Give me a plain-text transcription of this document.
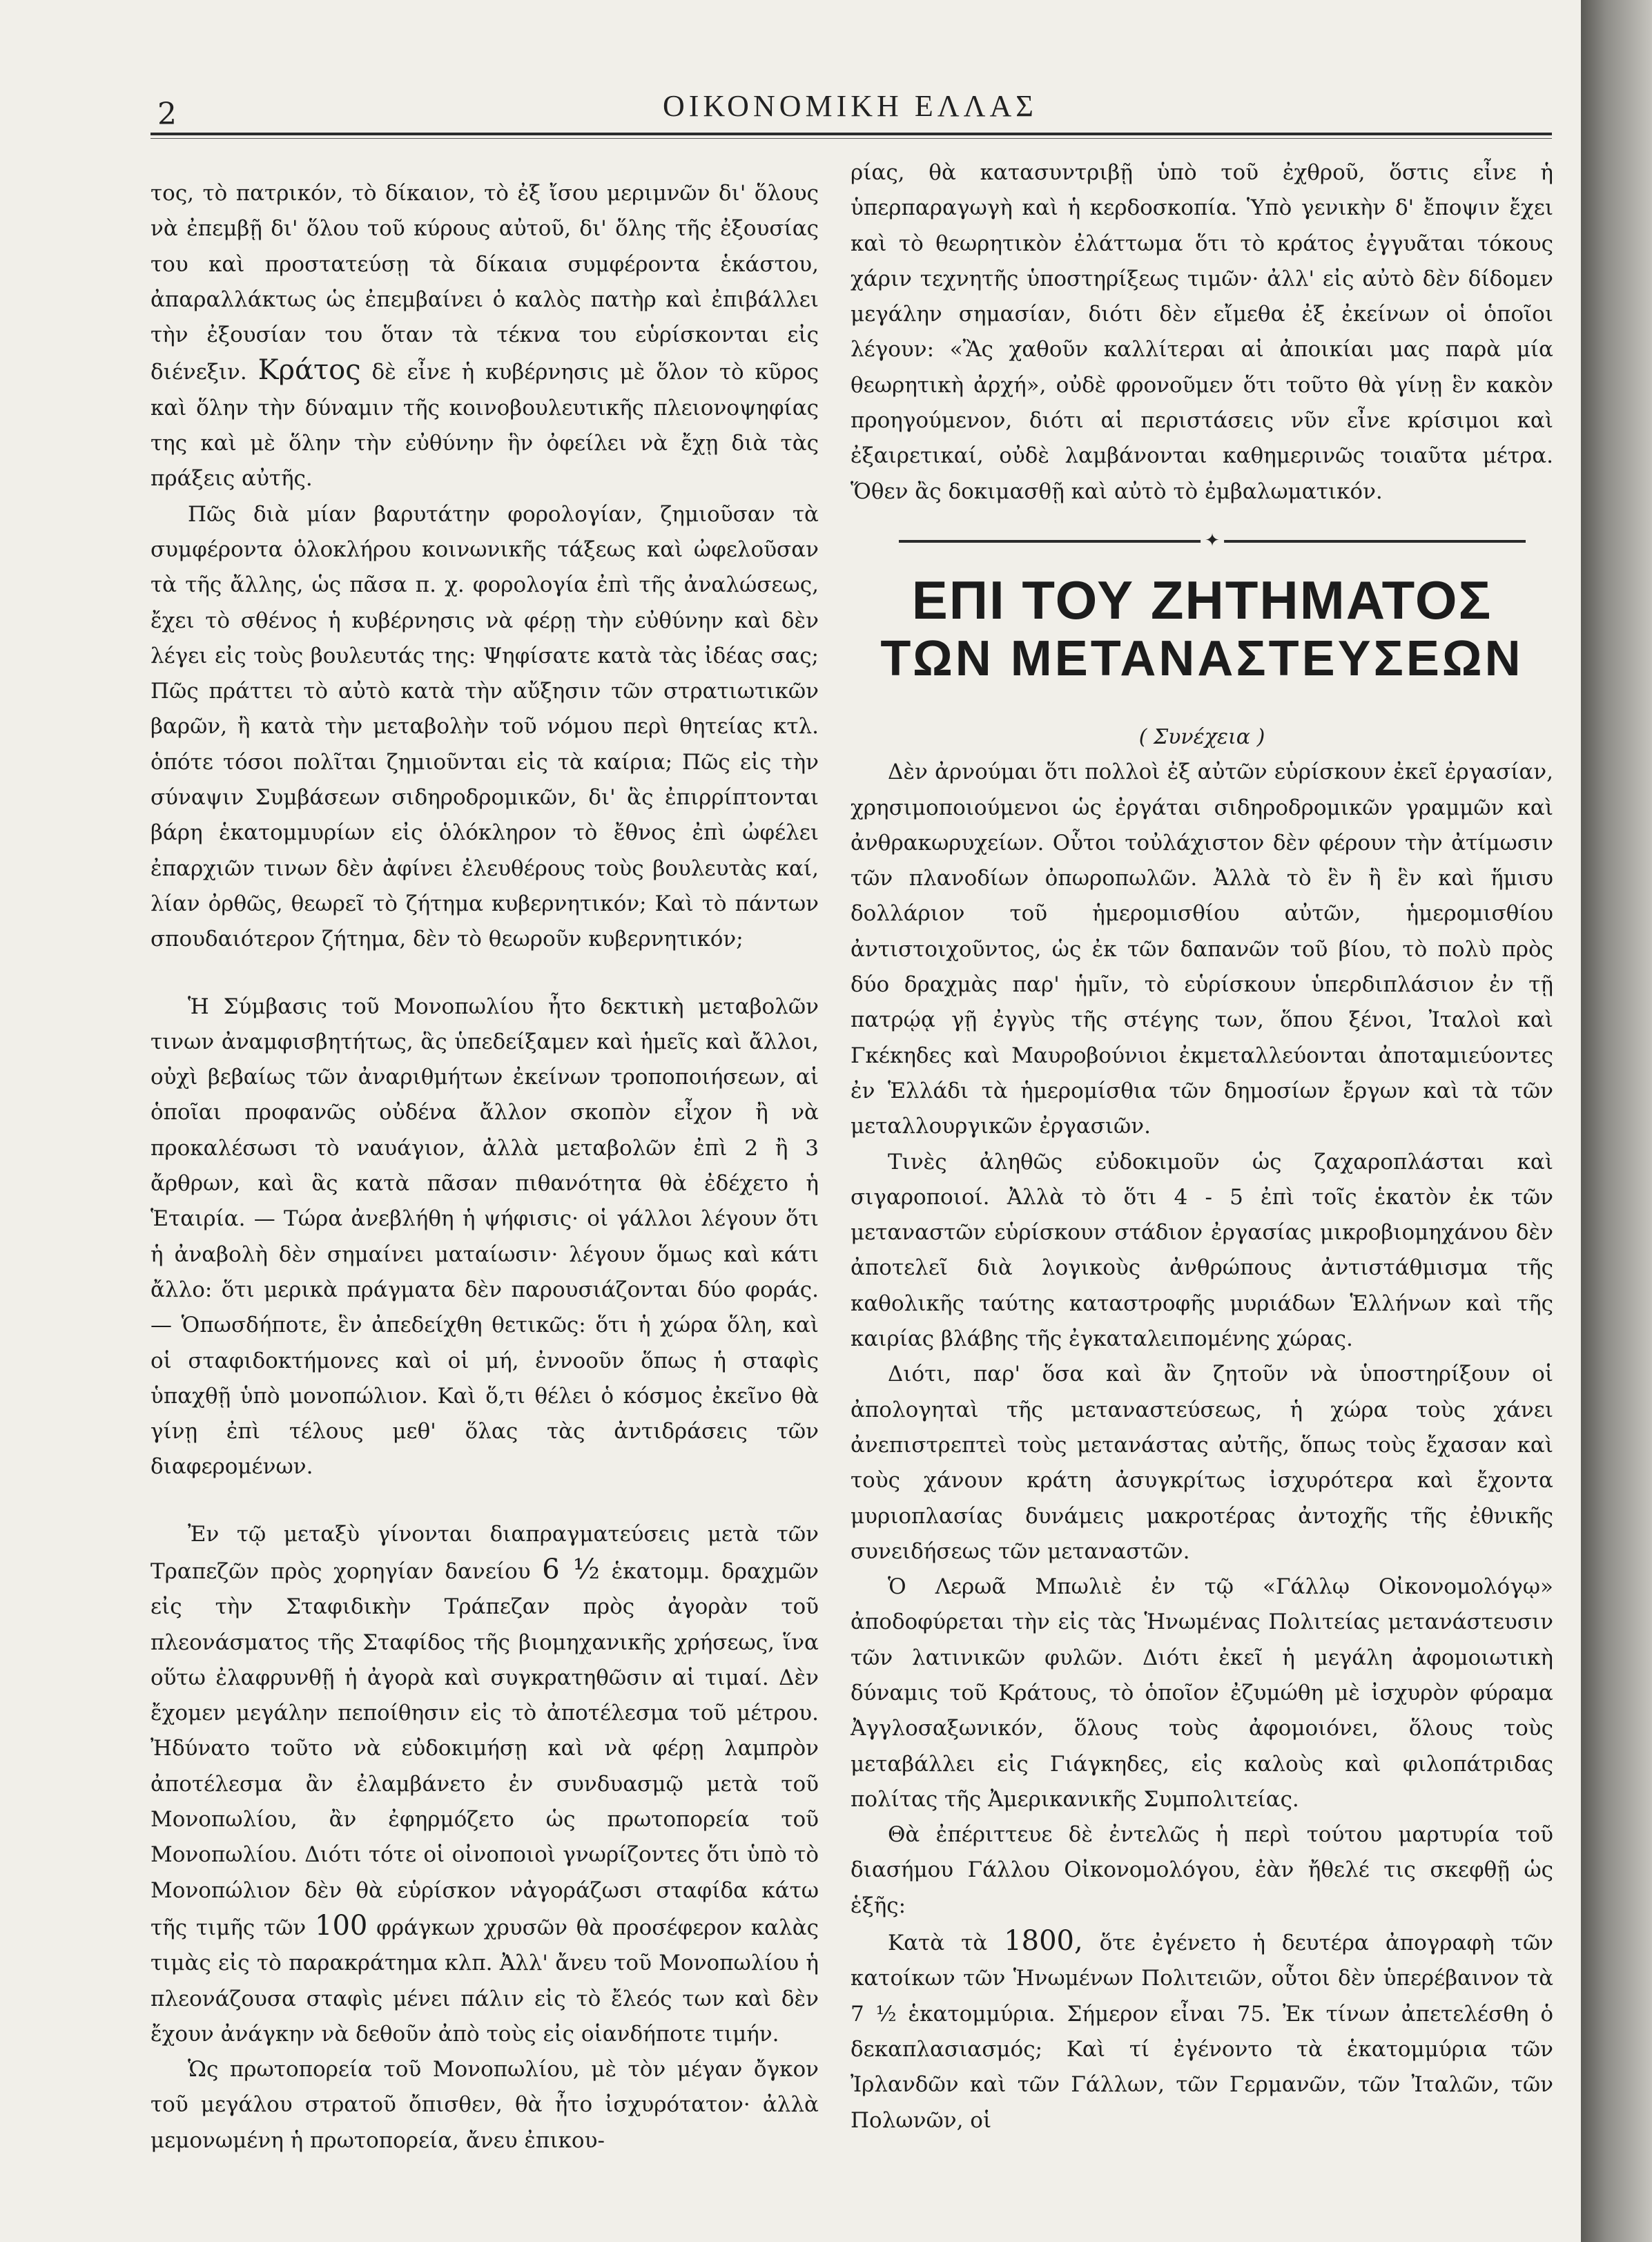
2	ΟΙΚΟΝΟΜΙΚΗ ΕΛΛΑΣ

τος, τὸ πατρικόν, τὸ δίκαιον, τὸ ἐξ ἴσου μεριμνῶν δι' ὅλους νὰ ἐπεμβῇ δι' ὅλου τοῦ κύρους αὐτοῦ, δι' ὅλης τῆς ἐξουσίας του καὶ προστατεύσῃ τὰ δίκαια συμφέροντα ἑκάστου, ἀπαραλλάκτως ὡς ἐπεμβαίνει ὁ καλὸς πατὴρ καὶ ἐπιβάλλει τὴν ἐξουσίαν του ὅταν τὰ τέκνα του εὑρίσκονται εἰς διένεξιν. Κράτος δὲ εἶνε ἡ κυβέρνησις μὲ ὅλον τὸ κῦρος καὶ ὅλην τὴν δύναμιν τῆς κοινοβουλευτικῆς πλειονοψηφίας της καὶ μὲ ὅλην τὴν εὐθύνην ἣν ὀφείλει νὰ ἔχῃ διὰ τὰς πράξεις αὐτῆς.

Πῶς διὰ μίαν βαρυτάτην φορολογίαν, ζημιοῦσαν τὰ συμφέροντα ὁλοκλήρου κοινωνικῆς τάξεως καὶ ὠφελοῦσαν τὰ τῆς ἄλλης, ὡς πᾶσα π. χ. φορολογία ἐπὶ τῆς ἀναλώσεως, ἔχει τὸ σθένος ἡ κυβέρνησις νὰ φέρῃ τὴν εὐθύνην καὶ δὲν λέγει εἰς τοὺς βουλευτάς της: Ψηφίσατε κατὰ τὰς ἰδέας σας; Πῶς πράττει τὸ αὐτὸ κατὰ τὴν αὔξησιν τῶν στρατιωτικῶν βαρῶν, ἢ κατὰ τὴν μεταβολὴν τοῦ νόμου περὶ θητείας κτλ. ὁπότε τόσοι πολῖται ζημιοῦνται εἰς τὰ καίρια; Πῶς εἰς τὴν σύναψιν Συμβάσεων σιδηροδρομικῶν, δι' ἃς ἐπιρρίπτονται βάρη ἑκατομμυρίων εἰς ὁλόκληρον τὸ ἔθνος ἐπὶ ὠφέλει ἐπαρχιῶν τινων δὲν ἀφίνει ἐλευθέρους τοὺς βουλευτὰς καί, λίαν ὀρθῶς, θεωρεῖ τὸ ζήτημα κυβερνητικόν; Καὶ τὸ πάντων σπουδαιότερον ζήτημα, δὲν τὸ θεωροῦν κυβερνητικόν;

Ἡ Σύμβασις τοῦ Μονοπωλίου ἦτο δεκτικὴ μεταβολῶν τινων ἀναμφισβητήτως, ἃς ὑπεδείξαμεν καὶ ἡμεῖς καὶ ἄλλοι, οὐχὶ βεβαίως τῶν ἀναριθμήτων ἐκείνων τροποποιήσεων, αἱ ὁποῖαι προφανῶς οὐδένα ἄλλον σκοπὸν εἶχον ἢ νὰ προκαλέσωσι τὸ ναυάγιον, ἀλλὰ μεταβολῶν ἐπὶ 2 ἢ 3 ἄρθρων, καὶ ἃς κατὰ πᾶσαν πιθανότητα θὰ ἐδέχετο ἡ Ἑταιρία. — Τώρα ἀνεβλήθη ἡ ψήφισις· οἱ γάλλοι λέγουν ὅτι ἡ ἀναβολὴ δὲν σημαίνει ματαίωσιν· λέγουν ὅμως καὶ κάτι ἄλλο: ὅτι μερικὰ πράγματα δὲν παρουσιάζονται δύο φοράς. — Ὁπωσδήποτε, ἓν ἀπεδείχθη θετικῶς: ὅτι ἡ χώρα ὅλη, καὶ οἱ σταφιδοκτήμονες καὶ οἱ μή, ἐννοοῦν ὅπως ἡ σταφὶς ὑπαχθῇ ὑπὸ μονοπώλιον. Καὶ ὅ,τι θέλει ὁ κόσμος ἐκεῖνο θὰ γίνῃ ἐπὶ τέλους μεθ' ὅλας τὰς ἀντιδράσεις τῶν διαφερομένων.

Ἐν τῷ μεταξὺ γίνονται διαπραγματεύσεις μετὰ τῶν Τραπεζῶν πρὸς χορηγίαν δανείου 6 ½ ἑκατομμ. δραχμῶν εἰς τὴν Σταφιδικὴν Τράπεζαν πρὸς ἀγορὰν τοῦ πλεονάσματος τῆς Σταφίδος τῆς βιομηχανικῆς χρήσεως, ἵνα οὕτω ἐλαφρυνθῇ ἡ ἀγορὰ καὶ συγκρατηθῶσιν αἱ τιμαί. Δὲν ἔχομεν μεγάλην πεποίθησιν εἰς τὸ ἀποτέλεσμα τοῦ μέτρου. Ἠδύνατο τοῦτο νὰ εὐδοκιμήσῃ καὶ νὰ φέρῃ λαμπρὸν ἀποτέλεσμα ἂν ἐλαμβάνετο ἐν συνδυασμῷ μετὰ τοῦ Μονοπωλίου, ἂν ἐφηρμόζετο ὡς πρωτοπορεία τοῦ Μονοπωλίου. Διότι τότε οἱ οἰνοποιοὶ γνωρίζοντες ὅτι ὑπὸ τὸ Μονοπώλιον δὲν θὰ εὑρίσκον νἀγοράζωσι σταφίδα κάτω τῆς τιμῆς τῶν 100 φράγκων χρυσῶν θὰ προσέφερον καλὰς τιμὰς εἰς τὸ παρακράτημα κλπ. Ἀλλ' ἄνευ τοῦ Μονοπωλίου ἡ πλεονάζουσα σταφὶς μένει πάλιν εἰς τὸ ἔλεός των καὶ δὲν ἔχουν ἀνάγκην νὰ δεθοῦν ἀπὸ τοὺς εἰς οἱανδήποτε τιμήν.

Ὡς πρωτοπορεία τοῦ Μονοπωλίου, μὲ τὸν μέγαν ὄγκον τοῦ μεγάλου στρατοῦ ὄπισθεν, θὰ ἦτο ἰσχυρότατον· ἀλλὰ μεμονωμένη ἡ πρωτοπορεία, ἄνευ ἐπικου-

ρίας, θὰ κατασυντριβῇ ὑπὸ τοῦ ἐχθροῦ, ὅστις εἶνε ἡ ὑπερπαραγωγὴ καὶ ἡ κερδοσκοπία. Ὑπὸ γενικὴν δ' ἔποψιν ἔχει καὶ τὸ θεωρητικὸν ἐλάττωμα ὅτι τὸ κράτος ἐγγυᾶται τόκους χάριν τεχνητῆς ὑποστηρίξεως τιμῶν· ἀλλ' εἰς αὐτὸ δὲν δίδομεν μεγάλην σημασίαν, διότι δὲν εἴμεθα ἐξ ἐκείνων οἱ ὁποῖοι λέγουν: «Ἂς χαθοῦν καλλίτεραι αἱ ἀποικίαι μας παρὰ μία θεωρητικὴ ἀρχή», οὐδὲ φρονοῦμεν ὅτι τοῦτο θὰ γίνῃ ἓν κακὸν προηγούμενον, διότι αἱ περιστάσεις νῦν εἶνε κρίσιμοι καὶ ἐξαιρετικαί, οὐδὲ λαμβάνονται καθημερινῶς τοιαῦτα μέτρα. Ὅθεν ἂς δοκιμασθῇ καὶ αὐτὸ τὸ ἐμβαλωματικόν.

✦
ΕΠΙ ΤΟΥ ΖΗΤΗΜΑΤΟΣ
ΤΩΝ ΜΕΤΑΝΑΣΤΕΥΣΕΩΝ

( Συνέχεια )

Δὲν ἀρνούμαι ὅτι πολλοὶ ἐξ αὐτῶν εὑρίσκουν ἐκεῖ ἐργασίαν, χρησιμοποιούμενοι ὡς ἐργάται σιδηροδρομικῶν γραμμῶν καὶ ἀνθρακωρυχείων. Οὗτοι τοὐλάχιστον δὲν φέρουν τὴν ἀτίμωσιν τῶν πλανοδίων ὀπωροπωλῶν. Ἀλλὰ τὸ ἓν ἢ ἓν καὶ ἥμισυ δολλάριον τοῦ ἡμερομισθίου αὐτῶν, ἡμερομισθίου ἀντιστοιχοῦντος, ὡς ἐκ τῶν δαπανῶν τοῦ βίου, τὸ πολὺ πρὸς δύο δραχμὰς παρ' ἡμῖν, τὸ εὑρίσκουν ὑπερδιπλάσιον ἐν τῇ πατρῴᾳ γῇ ἐγγὺς τῆς στέγης των, ὅπου ξένοι, Ἰταλοὶ καὶ Γκέκηδες καὶ Μαυροβούνιοι ἐκμεταλλεύονται ἀποταμιεύοντες ἐν Ἑλλάδι τὰ ἡμερομίσθια τῶν δημοσίων ἔργων καὶ τὰ τῶν μεταλλουργικῶν ἐργασιῶν.

Τινὲς ἀληθῶς εὐδοκιμοῦν ὡς ζαχαροπλάσται καὶ σιγαροποιοί. Ἀλλὰ τὸ ὅτι 4 - 5 ἐπὶ τοῖς ἑκατὸν ἐκ τῶν μεταναστῶν εὑρίσκουν στάδιον ἐργασίας μικροβιομηχάνου δὲν ἀποτελεῖ διὰ λογικοὺς ἀνθρώπους ἀντιστάθμισμα τῆς καθολικῆς ταύτης καταστροφῆς μυριάδων Ἑλλήνων καὶ τῆς καιρίας βλάβης τῆς ἐγκαταλειπομένης χώρας.

Διότι, παρ' ὅσα καὶ ἂν ζητοῦν νὰ ὑποστηρίξουν οἱ ἀπολογηταὶ τῆς μεταναστεύσεως, ἡ χώρα τοὺς χάνει ἀνεπιστρεπτεὶ τοὺς μετανάστας αὐτῆς, ὅπως τοὺς ἔχασαν καὶ τοὺς χάνουν κράτη ἀσυγκρίτως ἰσχυρότερα καὶ ἔχοντα μυριοπλασίας δυνάμεις μακροτέρας ἀντοχῆς τῆς ἐθνικῆς συνειδήσεως τῶν μεταναστῶν.

Ὁ Λερωᾶ Μπωλιὲ ἐν τῷ «Γάλλῳ Οἰκονομολόγῳ» ἀποδοφύρεται τὴν εἰς τὰς Ἡνωμένας Πολιτείας μετανάστευσιν τῶν λατινικῶν φυλῶν. Διότι ἐκεῖ ἡ μεγάλη ἀφομοιωτικὴ δύναμις τοῦ Κράτους, τὸ ὁποῖον ἐζυμώθη μὲ ἰσχυρὸν φύραμα Ἀγγλοσαξωνικόν, ὅλους τοὺς ἀφομοιόνει, ὅλους τοὺς μεταβάλλει εἰς Γιάγκηδες, εἰς καλοὺς καὶ φιλοπάτριδας πολίτας τῆς Ἀμερικανικῆς Συμπολιτείας.

Θὰ ἐπέριττευε δὲ ἐντελῶς ἡ περὶ τούτου μαρτυρία τοῦ διασήμου Γάλλου Οἰκονομολόγου, ἐὰν ἤθελέ τις σκεφθῇ ὡς ἑξῆς:

Κατὰ τὰ 1800, ὅτε ἐγένετο ἡ δευτέρα ἀπογραφὴ τῶν κατοίκων τῶν Ἡνωμένων Πολιτειῶν, οὗτοι δὲν ὑπερέβαινον τὰ 7 ½ ἑκατομμύρια. Σήμερον εἶναι 75. Ἐκ τίνων ἀπετελέσθη ὁ δεκαπλασιασμός; Καὶ τί ἐγένοντο τὰ ἑκατομμύρια τῶν Ἰρλανδῶν καὶ τῶν Γάλλων, τῶν Γερμανῶν, τῶν Ἰταλῶν, τῶν Πολωνῶν, οἱ
